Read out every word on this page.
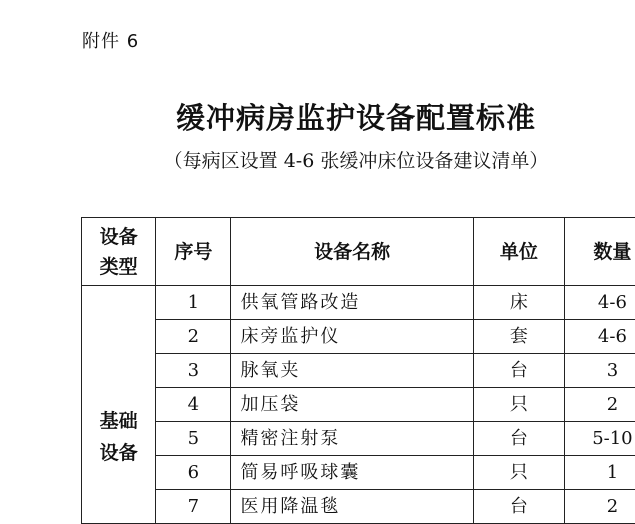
附件 6
缓冲病房监护设备配置标准
（每病区设置 4-6 张缓冲床位设备建议清单）
设备类型	序号	设备名称	单位	数量
基础设备	1	供氧管路改造	床	4-6
	2	床旁监护仪	套	4-6
	3	脉氧夹	台	3
	4	加压袋	只	2
	5	精密注射泵	台	5-10
	6	简易呼吸球囊	只	1
	7	医用降温毯	台	2
